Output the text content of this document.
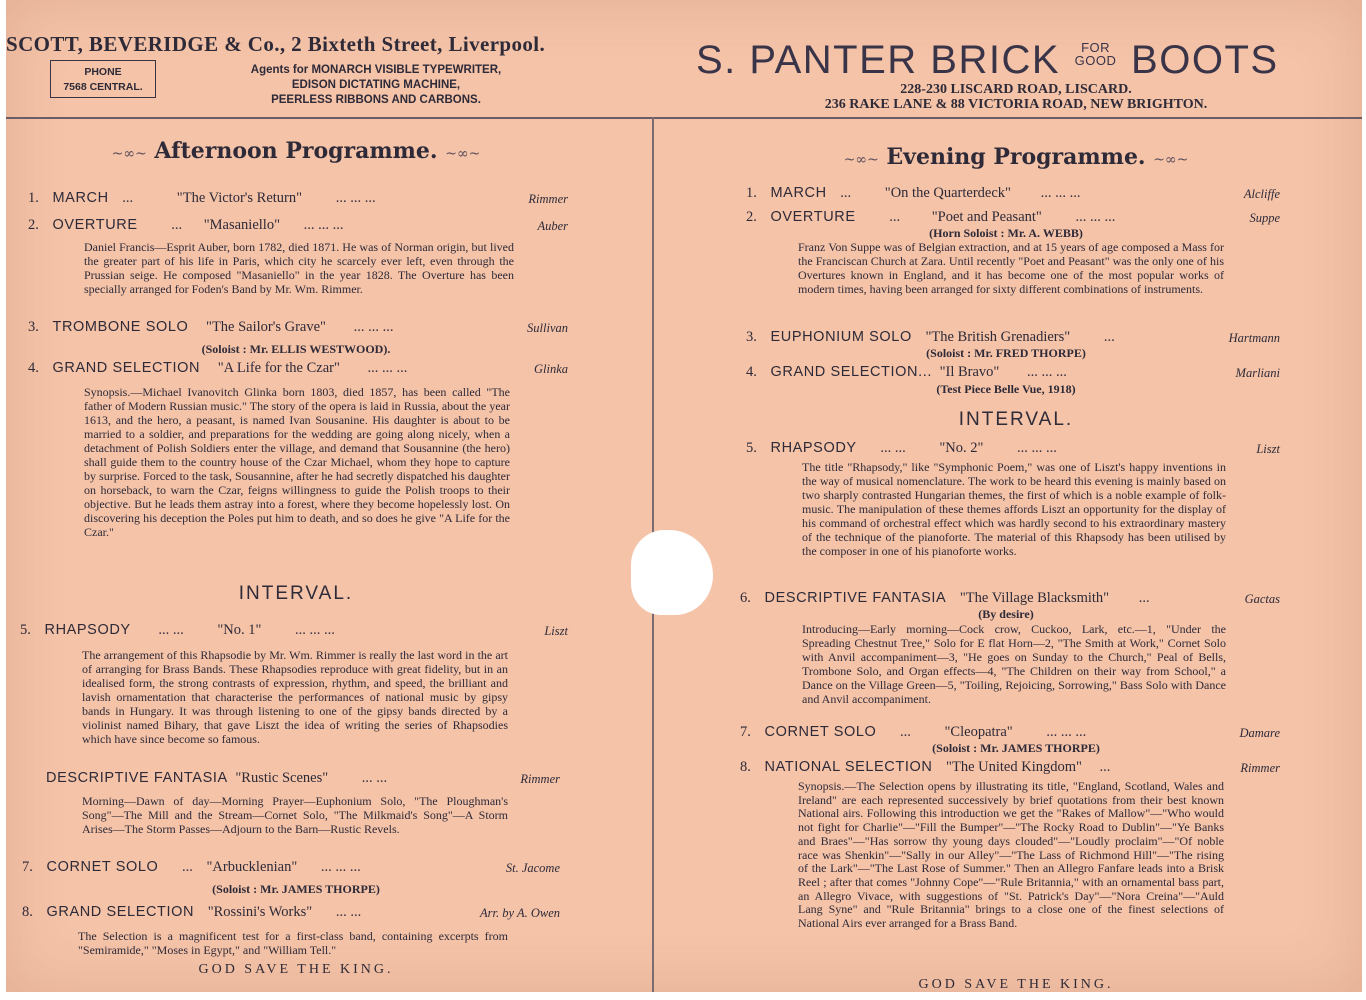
SCOTT, BEVERIDGE & Co., 2 Bixteth Street, Liverpool.
PHONE
7568 CENTRAL.
Agents for MONARCH VISIBLE TYPEWRITER,
EDISON DICTATING MACHINE,
PEERLESS RIBBONS AND CARBONS.
S. PANTER BRICK FOR
GOOD BOOTS
228-230 LISCARD ROAD, LISCARD.
236 RAKE LANE & 88 VICTORIA ROAD, NEW BRIGHTON.
~∞~ Afternoon Programme. ~∞~
1. MARCH ...	"The Victor's Return" ... ... ...	Rimmer
2. OVERTURE ... "Masaniello" ... ... ...	Auber
Daniel Francis—Esprit Auber, born 1782, died 1871. He was of Norman origin, but lived the greater part of his life in Paris, which city he scarcely ever left, even through the Prussian seige. He composed "Masaniello" in the year 1828. The Overture has been specially arranged for Foden's Band by Mr. Wm. Rimmer.
3. TROMBONE SOLO "The Sailor's Grave" ... ... ...	Sullivan
(Soloist : Mr. ELLIS WESTWOOD).
4. GRAND SELECTION "A Life for the Czar" ... ... ...	Glinka
Synopsis.—Michael Ivanovitch Glinka born 1803, died 1857, has been called "The father of Modern Russian music." The story of the opera is laid in Russia, about the year 1613, and the hero, a peasant, is named Ivan Sousanine. His daughter is about to be married to a soldier, and preparations for the wedding are going along nicely, when a detachment of Polish Soldiers enter the village, and demand that Sousannine (the hero) shall guide them to the country house of the Czar Michael, whom they hope to capture by surprise. Forced to the task, Sousannine, after he had secretly dispatched his daughter on horseback, to warn the Czar, feigns willingness to guide the Polish troops to their objective. But he leads them astray into a forest, where they become hopelessly lost. On discovering his deception the Poles put him to death, and so does he give "A Life for the Czar."
INTERVAL.
5. RHAPSODY ... ... "No. 1" ... ... ...	Liszt
The arrangement of this Rhapsodie by Mr. Wm. Rimmer is really the last word in the art of arranging for Brass Bands. These Rhapsodies reproduce with great fidelity, but in an idealised form, the strong contrasts of expression, rhythm, and speed, the brilliant and lavish ornamentation that characterise the performances of national music by gipsy bands in Hungary. It was through listening to one of the gipsy bands directed by a violinist named Bihary, that gave Liszt the idea of writing the series of Rhapsodies which have since become so famous.
DESCRIPTIVE FANTASIA "Rustic Scenes" ... ...	Rimmer
Morning—Dawn of day—Morning Prayer—Euphonium Solo, "The Ploughman's Song"—The Mill and the Stream—Cornet Solo, "The Milkmaid's Song"—A Storm Arises—The Storm Passes—Adjourn to the Barn—Rustic Revels.
7. CORNET SOLO ... "Arbucklenian" ... ... ...	St. Jacome
(Soloist : Mr. JAMES THORPE)
8. GRAND SELECTION "Rossini's Works" ... ...	Arr. by A. Owen
The Selection is a magnificent test for a first-class band, containing excerpts from "Semiramide," "Moses in Egypt," and "William Tell."
GOD SAVE THE KING.
~∞~ Evening Programme. ~∞~
1. MARCH ... "On the Quarterdeck" ... ... ...	Alcliffe
2. OVERTURE ... "Poet and Peasant" ... ... ...	Suppe
(Horn Soloist : Mr. A. WEBB)
Franz Von Suppe was of Belgian extraction, and at 15 years of age composed a Mass for the Franciscan Church at Zara. Until recently "Poet and Peasant" was the only one of his Overtures known in England, and it has become one of the most popular works of modern times, having been arranged for sixty different combinations of instruments.
3. EUPHONIUM SOLO "The British Grenadiers" ...	Hartmann
(Soloist : Mr. FRED THORPE)
4. GRAND SELECTION... "Il Bravo" ... ... ...	Marliani
(Test Piece Belle Vue, 1918)
INTERVAL.
5. RHAPSODY ... ... "No. 2" ... ... ...	Liszt
The title "Rhapsody," like "Symphonic Poem," was one of Liszt's happy inventions in the way of musical nomenclature. The work to be heard this evening is mainly based on two sharply contrasted Hungarian themes, the first of which is a noble example of folk-music. The manipulation of these themes affords Liszt an opportunity for the display of his command of orchestral effect which was hardly second to his extraordinary mastery of the technique of the pianoforte. The material of this Rhapsody has been utilised by the composer in one of his pianoforte works.
6. DESCRIPTIVE FANTASIA "The Village Blacksmith" ...	Gactas
(By desire)
Introducing—Early morning—Cock crow, Cuckoo, Lark, etc.—1, "Under the Spreading Chestnut Tree," Solo for E flat Horn—2, "The Smith at Work," Cornet Solo with Anvil accompaniment—3, "He goes on Sunday to the Church," Peal of Bells, Trombone Solo, and Organ effects—4, "The Children on their way from School," a Dance on the Village Green—5, "Toiling, Rejoicing, Sorrowing," Bass Solo with Dance and Anvil accompaniment.
7. CORNET SOLO ... "Cleopatra" ... ... ...	Damare
(Soloist : Mr. JAMES THORPE)
8. NATIONAL SELECTION "The United Kingdom" ...	Rimmer
Synopsis.—The Selection opens by illustrating its title, "England, Scotland, Wales and Ireland" are each represented successively by brief quotations from their best known National airs. Following this introduction we get the "Rakes of Mallow"—"Who would not fight for Charlie"—"Fill the Bumper"—"The Rocky Road to Dublin"—"Ye Banks and Braes"—"Has sorrow thy young days clouded"—"Loudly proclaim"—"Of noble race was Shenkin"—"Sally in our Alley"—"The Lass of Richmond Hill"—"The rising of the Lark"—"The Last Rose of Summer." Then an Allegro Fanfare leads into a Brisk Reel ; after that comes "Johnny Cope"—"Rule Britannia," with an ornamental bass part, an Allegro Vivace, with suggestions of "St. Patrick's Day"—"Nora Creina"—"Auld Lang Syne" and "Rule Britannia" brings to a close one of the finest selections of National Airs ever arranged for a Brass Band.
GOD SAVE THE KING.
